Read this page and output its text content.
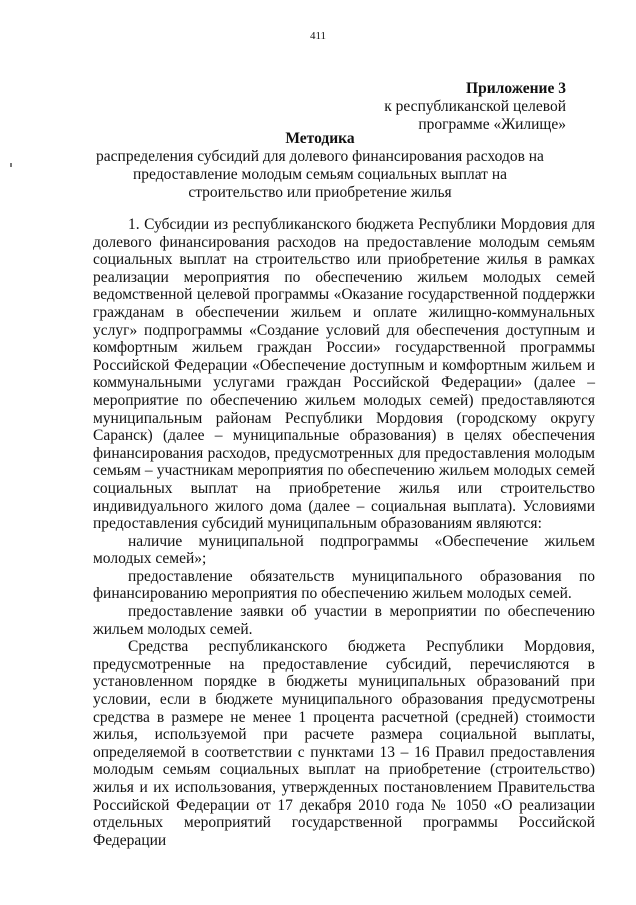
411
Приложение 3
к республиканской целевой
программе «Жилище»
Методика
распределения субсидий для долевого финансирования расходов на предоставление молодым семьям социальных выплат на строительство или приобретение жилья

1. Субсидии из республиканского бюджета Республики Мордовия для долевого финансирования расходов на предоставление молодым семьям социальных выплат на строительство или приобретение жилья в рамках реализации мероприятия по обеспечению жильем молодых семей ведомственной целевой программы «Оказание государственной поддержки гражданам в обеспечении жильем и оплате жилищно-коммунальных услуг» подпрограммы «Создание условий для обеспечения доступным и комфортным жильем граждан России» государственной программы Российской Федерации «Обеспечение доступным и комфортным жильем и коммунальными услугами граждан Российской Федерации» (далее – мероприятие по обеспечению жильем молодых семей) предоставляются муниципальным районам Республики Мордовия (городскому округу Саранск) (далее – муниципальные образования) в целях обеспечения финансирования расходов, предусмотренных для предоставления молодым семьям – участникам мероприятия по обеспечению жильем молодых семей социальных выплат на приобретение жилья или строительство индивидуального жилого дома (далее – социальная выплата). Условиями предоставления субсидий муниципальным образованиям являются:

наличие муниципальной подпрограммы «Обеспечение жильем молодых семей»;

предоставление обязательств муниципального образования по финансированию мероприятия по обеспечению жильем молодых семей.

предоставление заявки об участии в мероприятии по обеспечению жильем молодых семей.

Средства республиканского бюджета Республики Мордовия, предусмотренные на предоставление субсидий, перечисляются в установленном порядке в бюджеты муниципальных образований при условии, если в бюджете муниципального образования предусмотрены средства в размере не менее 1 процента расчетной (средней) стоимости жилья, используемой при расчете размера социальной выплаты, определяемой в соответствии с пунктами 13 – 16 Правил предоставления молодым семьям социальных выплат на приобретение (строительство) жилья и их использования, утвержденных постановлением Правительства Российской Федерации от 17 декабря 2010 года № 1050 «О реализации отдельных мероприятий государственной программы Российской Федерации
